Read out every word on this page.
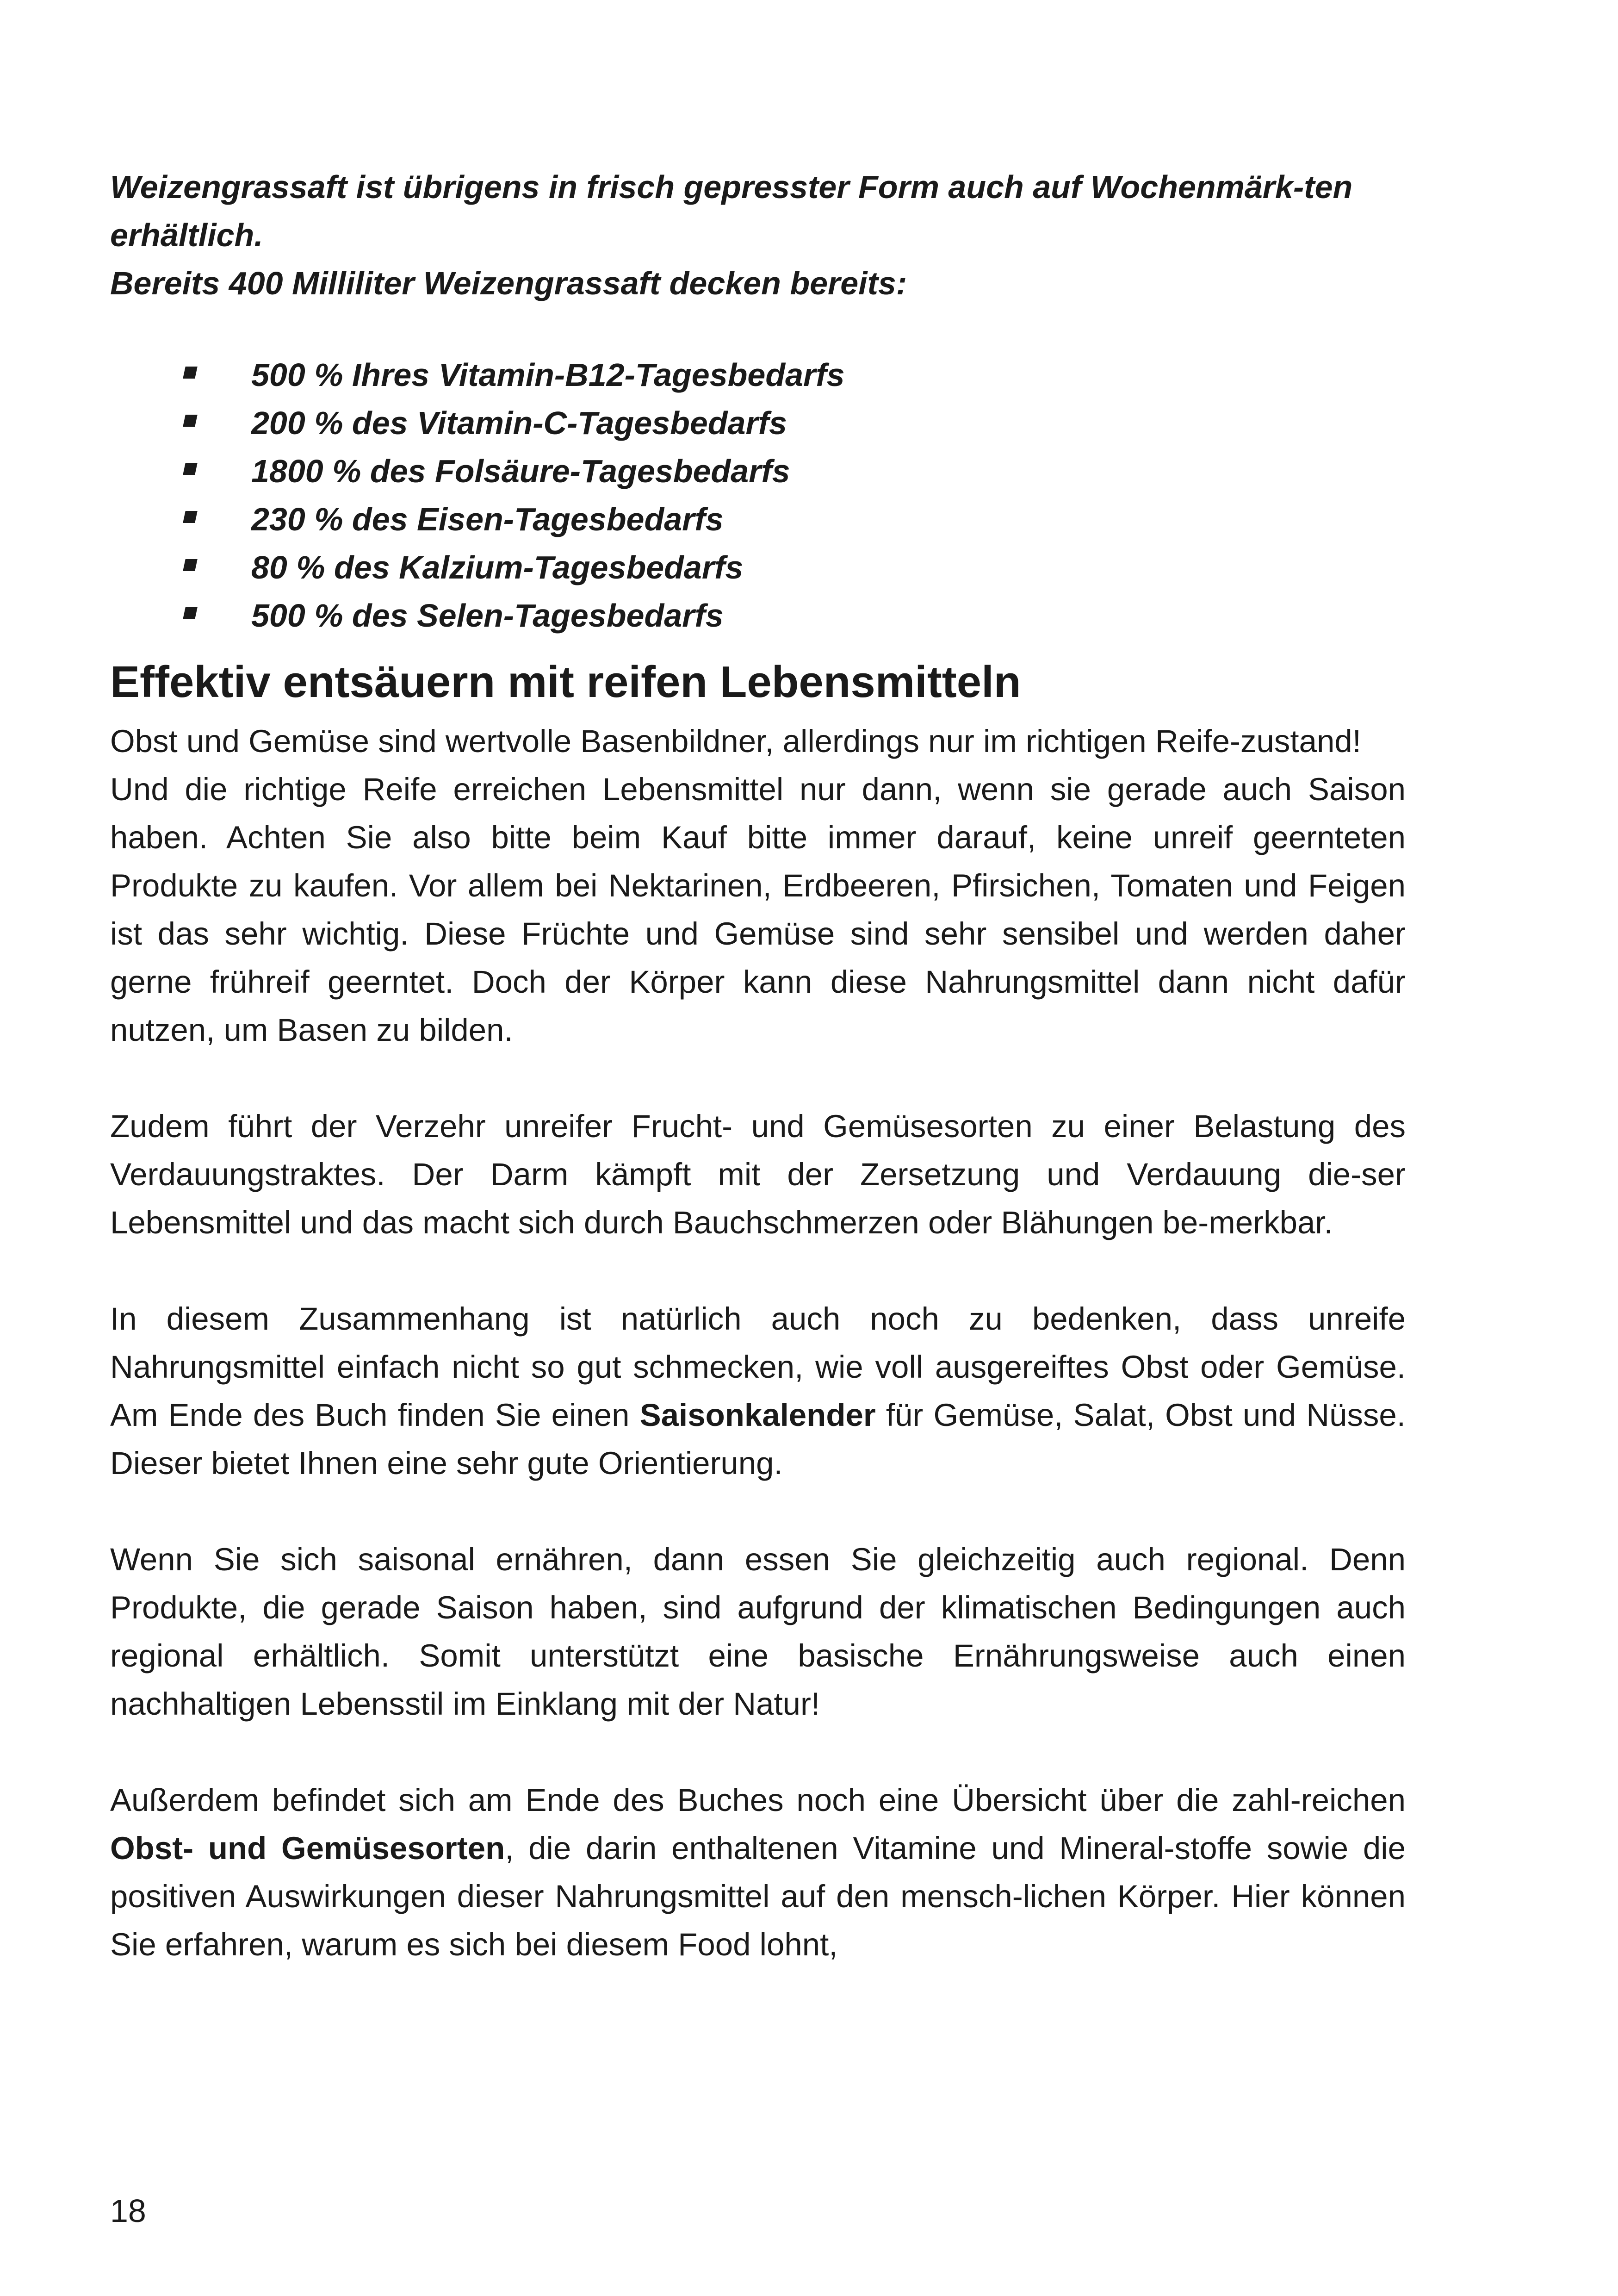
Weizengrassaft ist übrigens in frisch gepresster Form auch auf Wochenmärk-ten erhältlich.

Bereits 400 Milliliter Weizengrassaft decken bereits:

500 % Ihres Vitamin-B12-Tagesbedarfs
200 % des Vitamin-C-Tagesbedarfs
1800 % des Folsäure-Tagesbedarfs
230 % des Eisen-Tagesbedarfs
80 % des Kalzium-Tagesbedarfs
500 % des Selen-Tagesbedarfs
Effektiv entsäuern mit reifen Lebensmitteln

Obst und Gemüse sind wertvolle Basenbildner, allerdings nur im richtigen Reife-zustand!

Und die richtige Reife erreichen Lebensmittel nur dann, wenn sie gerade auch Saison haben. Achten Sie also bitte beim Kauf bitte immer darauf, keine unreif geernteten Produkte zu kaufen. Vor allem bei Nektarinen, Erdbeeren, Pfirsichen, Tomaten und Feigen ist das sehr wichtig. Diese Früchte und Gemüse sind sehr sensibel und werden daher gerne frühreif geerntet. Doch der Körper kann diese Nahrungsmittel dann nicht dafür nutzen, um Basen zu bilden.

Zudem führt der Verzehr unreifer Frucht- und Gemüsesorten zu einer Belastung des Verdauungstraktes. Der Darm kämpft mit der Zersetzung und Verdauung die-ser Lebensmittel und das macht sich durch Bauchschmerzen oder Blähungen be-merkbar.

In diesem Zusammenhang ist natürlich auch noch zu bedenken, dass unreife Nahrungsmittel einfach nicht so gut schmecken, wie voll ausgereiftes Obst oder Gemüse. Am Ende des Buch finden Sie einen Saisonkalender für Gemüse, Salat, Obst und Nüsse. Dieser bietet Ihnen eine sehr gute Orientierung.

Wenn Sie sich saisonal ernähren, dann essen Sie gleichzeitig auch regional. Denn Produkte, die gerade Saison haben, sind aufgrund der klimatischen Bedingungen auch regional erhältlich. Somit unterstützt eine basische Ernährungsweise auch einen nachhaltigen Lebensstil im Einklang mit der Natur!

Außerdem befindet sich am Ende des Buches noch eine Übersicht über die zahl-reichen Obst- und Gemüsesorten, die darin enthaltenen Vitamine und Mineral-stoffe sowie die positiven Auswirkungen dieser Nahrungsmittel auf den mensch-lichen Körper. Hier können Sie erfahren, warum es sich bei diesem Food lohnt,

18
